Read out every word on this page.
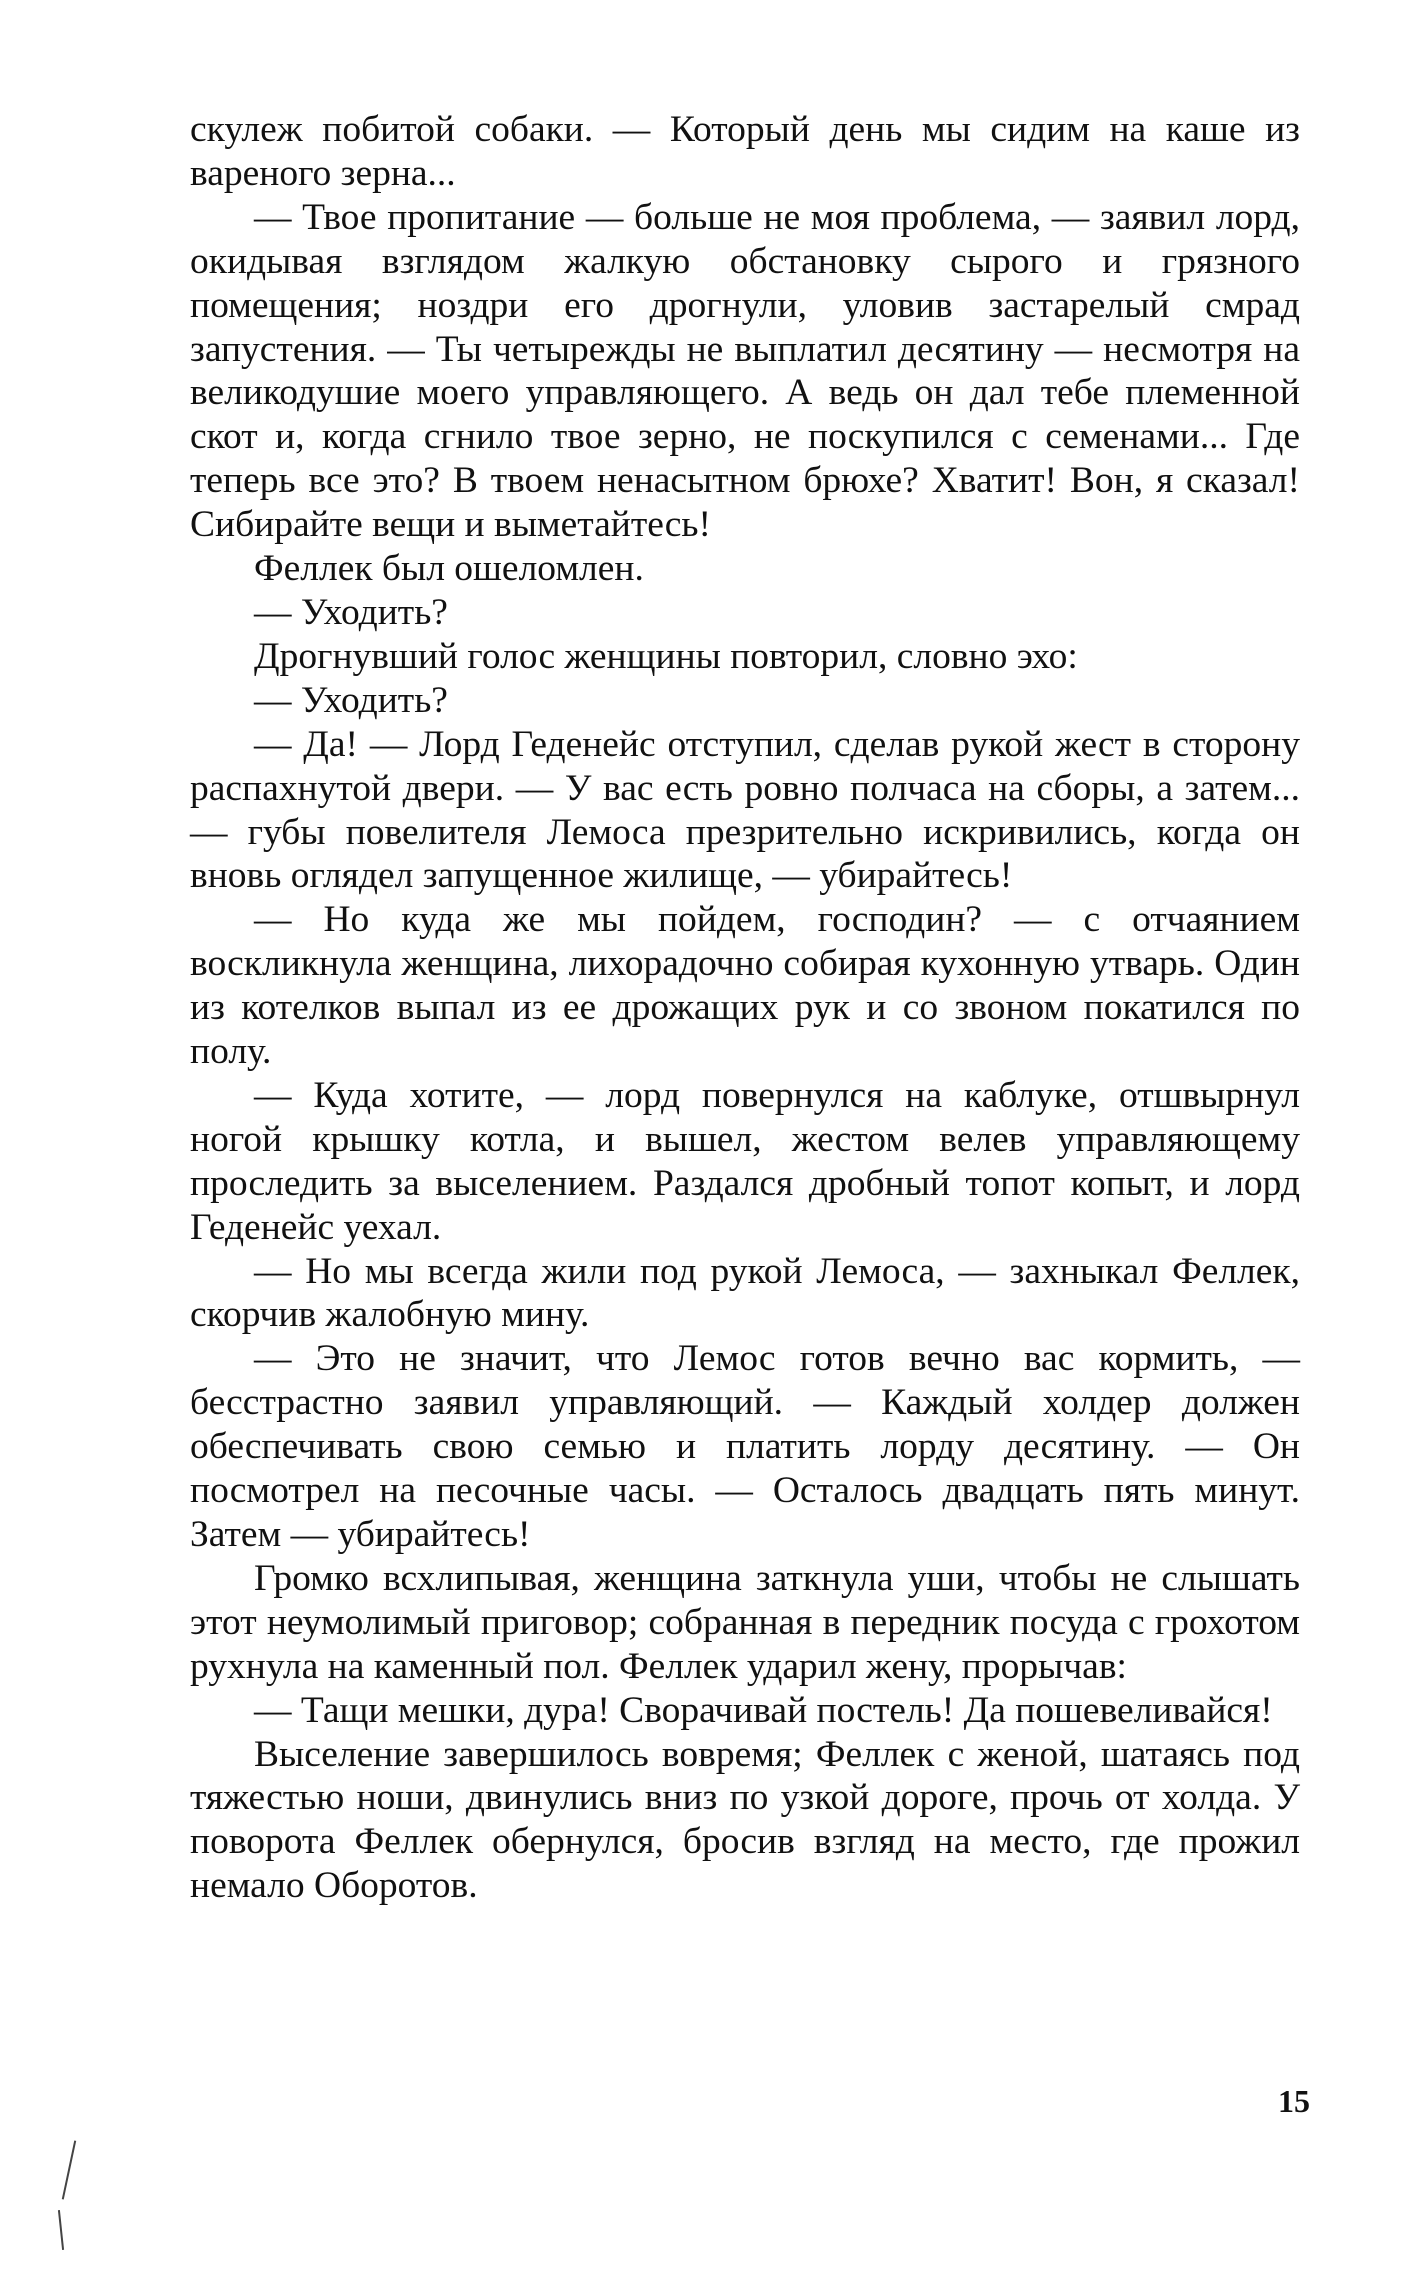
скулеж побитой собаки. — Который день мы сидим на каше из вареного зерна...

— Твое пропитание — больше не моя проблема, — заявил лорд, окидывая взглядом жалкую обстановку сырого и грязного помещения; ноздри его дрогнули, уловив застарелый смрад запустения. — Ты четырежды не выплатил десятину — несмотря на великодушие моего управляющего. А ведь он дал тебе племенной скот и, когда сгнило твое зерно, не поскупился с семенами... Где теперь все это? В твоем ненасытном брюхе? Хватит! Вон, я сказал! Сибирайте вещи и выметайтесь!

Феллек был ошеломлен.

— Уходить?

Дрогнувший голос женщины повторил, словно эхо:

— Уходить?

— Да! — Лорд Геденейс отступил, сделав рукой жест в сторону распахнутой двери. — У вас есть ровно полчаса на сборы, а затем... — губы повелителя Лемоса презрительно искривились, когда он вновь оглядел запущенное жилище, — убирайтесь!

— Но куда же мы пойдем, господин? — с отчаянием воскликнула женщина, лихорадочно собирая кухонную утварь. Один из котелков выпал из ее дрожащих рук и со звоном покатился по полу.

— Куда хотите, — лорд повернулся на каблуке, отшвырнул ногой крышку котла, и вышел, жестом велев управляющему проследить за выселением. Раздался дробный топот копыт, и лорд Геденейс уехал.

— Но мы всегда жили под рукой Лемоса, — захныкал Феллек, скорчив жалобную мину.

— Это не значит, что Лемос готов вечно вас кормить, — бесстрастно заявил управляющий. — Каждый холдер должен обеспечивать свою семью и платить лорду десятину. — Он посмотрел на песочные часы. — Осталось двадцать пять минут. Затем — убирайтесь!

Громко всхлипывая, женщина заткнула уши, чтобы не слышать этот неумолимый приговор; собранная в передник посуда с грохотом рухнула на каменный пол. Феллек ударил жену, прорычав:

— Тащи мешки, дура! Сворачивай постель! Да пошевеливайся!

Выселение завершилось вовремя; Феллек с женой, шатаясь под тяжестью ноши, двинулись вниз по узкой дороге, прочь от холда. У поворота Феллек обернулся, бросив взгляд на место, где прожил немало Оборотов.

15
